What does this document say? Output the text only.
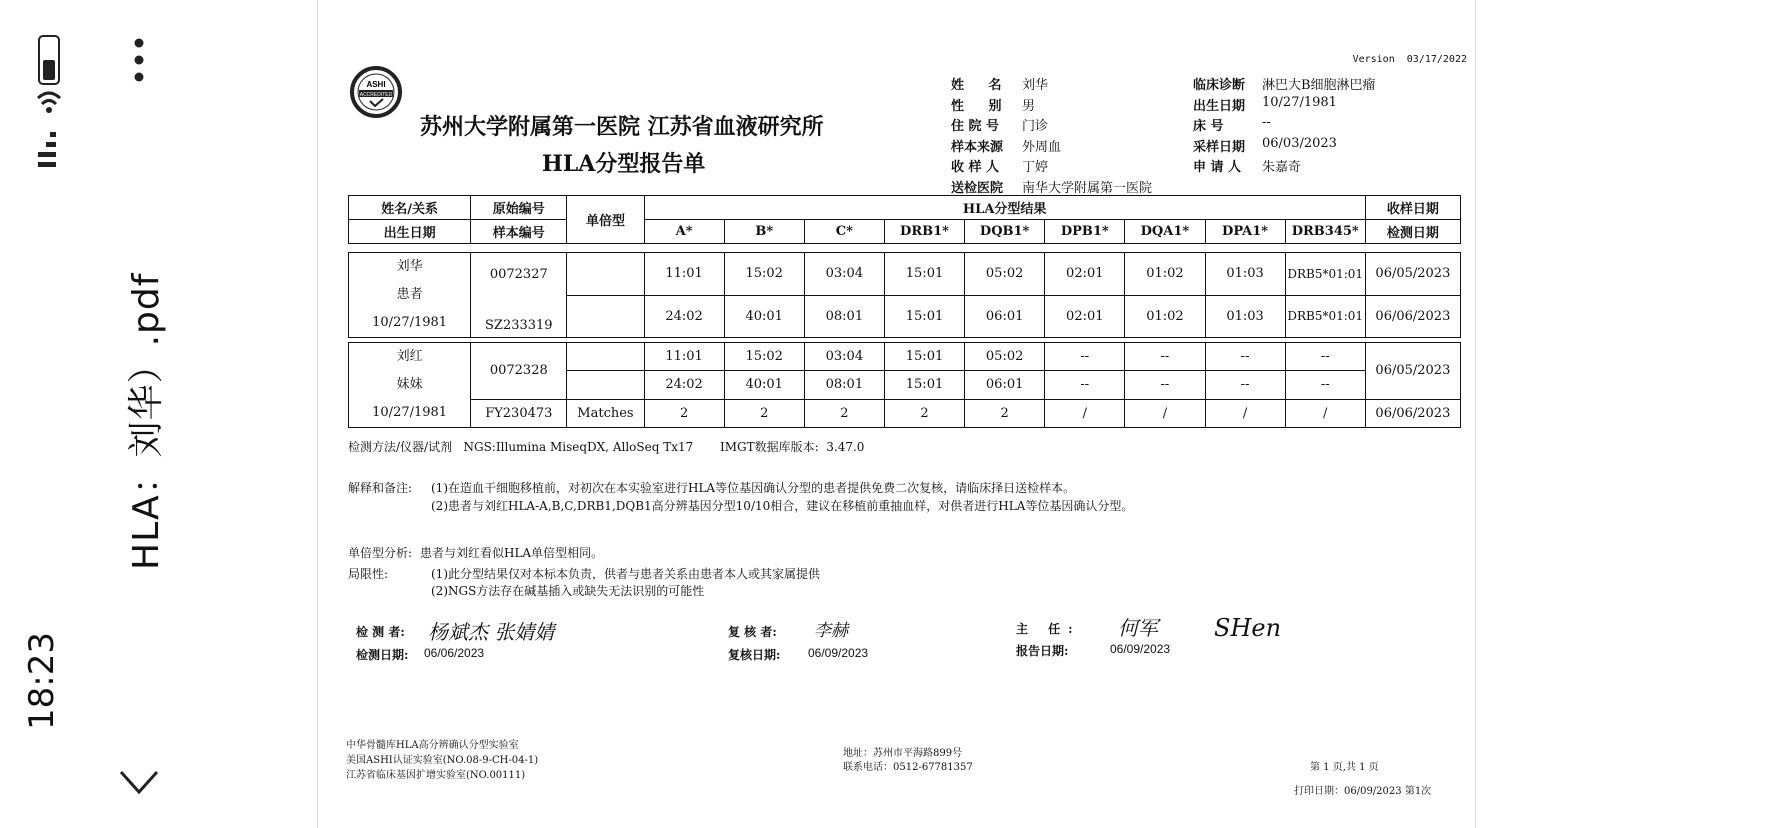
18:23
HLA：刘华）.pdf
Version 03/17/2022
ASHI
ACCREDITED
苏州大学附属第一医院 江苏省血液研究所
HLA分型报告单
姓 名 刘华
性 别 男
住 院 号 门诊
样本来源 外周血
收 样 人 丁婷
送检医院 南华大学附属第一医院
临床诊断 淋巴大B细胞淋巴瘤
出生日期 10/27/1981
床 号	--
采样日期 06/03/2023
申 请 人 朱嘉奇
姓名/关系	原始编号	单倍型	HLA分型结果									收样日期
出生日期	样本编号		A*	B*	C*	DRB1*	DQB1*	DPB1*	DQA1*	DPA1*	DRB345*	检测日期
刘华
患者
10/27/1981	0072327		11:01	15:02	03:04	15:01	05:02	02:01	01:02	01:03	DRB5*01:01	06/05/2023
	SZ233319		24:02	40:01	08:01	15:01	06:01	02:01	01:02	01:03	DRB5*01:01	06/06/2023
刘红
妹妹
10/27/1981	0072328		11:01	15:02	03:04	15:01	05:02	--	--	--	--	06/05/2023
			24:02	40:01	08:01	15:01	06:01	--	--	--	--	
	FY230473	Matches	2	2	2	2	2	/	/	/	/	06/06/2023
检测方法/仪器/试剂 NGS:Illumina MiseqDX, AlloSeq Tx17 IMGT数据库版本: 3.47.0
解释和备注: (1)在造血干细胞移植前，对初次在本实验室进行HLA等位基因确认分型的患者提供免费二次复核，请临床择日送检样本。
(2)患者与刘红HLA-A,B,C,DRB1,DQB1高分辨基因分型10/10相合，建议在移植前重抽血样，对供者进行HLA等位基因确认分型。
单倍型分析: 患者与刘红看似HLA单倍型相同。
局限性:	(1)此分型结果仅对本标本负责，供者与患者关系由患者本人或其家属提供
(2)NGS方法存在碱基插入或缺失无法识别的可能性
检 测 者: 杨斌杰 张婧婧
检测日期: 06/06/2023
复 核 者: 李赫
复核日期: 06/09/2023
主 任: 何军 SHen
报告日期:	06/09/2023
中华骨髓库HLA高分辨确认分型实验室
美国ASHI认证实验室(NO.08-9-CH-04-1)
江苏省临床基因扩增实验室(NO.00111)
地址：苏州市平海路899号
联系电话：0512-67781357	第 1 页,共 1 页
打印日期：06/09/2023 第1次
